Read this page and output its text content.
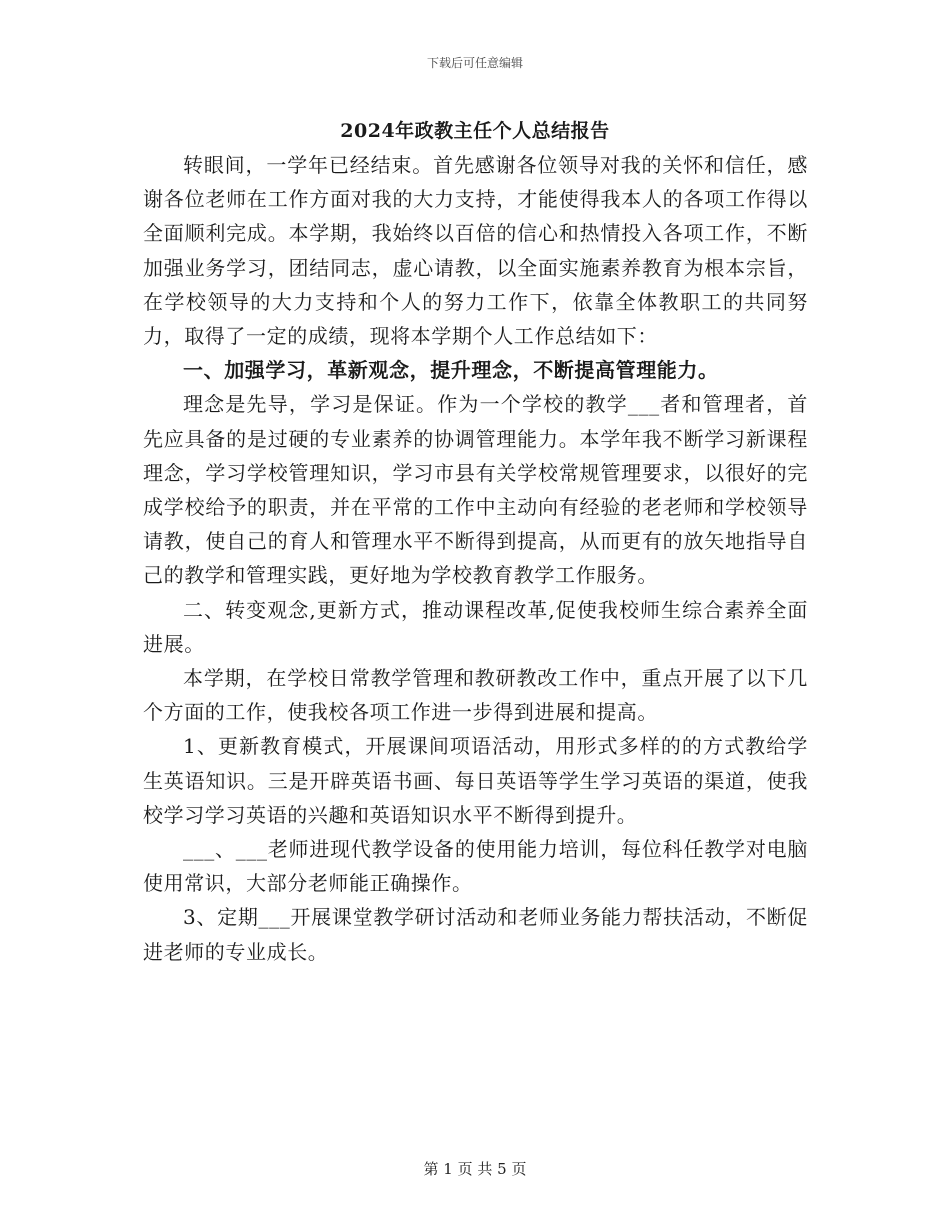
下载后可任意编辑
2024年政教主任个人总结报告

转眼间，一学年已经结束。首先感谢各位领导对我的关怀和信任，感谢各位老师在工作方面对我的大力支持，才能使得我本人的各项工作得以全面顺利完成。本学期，我始终以百倍的信心和热情投入各项工作，不断加强业务学习，团结同志，虚心请教，以全面实施素养教育为根本宗旨，在学校领导的大力支持和个人的努力工作下，依靠全体教职工的共同努力，取得了一定的成绩，现将本学期个人工作总结如下：

一、加强学习，革新观念，提升理念，不断提高管理能力。

理念是先导，学习是保证。作为一个学校的教学___者和管理者，首先应具备的是过硬的专业素养的协调管理能力。本学年我不断学习新课程理念，学习学校管理知识，学习市县有关学校常规管理要求，以很好的完成学校给予的职责，并在平常的工作中主动向有经验的老老师和学校领导请教，使自己的育人和管理水平不断得到提高，从而更有的放矢地指导自己的教学和管理实践，更好地为学校教育教学工作服务。

二、转变观念,更新方式，推动课程改革,促使我校师生综合素养全面进展。

本学期，在学校日常教学管理和教研教改工作中，重点开展了以下几个方面的工作，使我校各项工作进一步得到进展和提高。

1、更新教育模式，开展课间项语活动，用形式多样的的方式教给学生英语知识。三是开辟英语书画、每日英语等学生学习英语的渠道，使我校学习学习英语的兴趣和英语知识水平不断得到提升。

___、___老师进现代教学设备的使用能力培训，每位科任教学对电脑使用常识，大部分老师能正确操作。

3、定期___开展课堂教学研讨活动和老师业务能力帮扶活动，不断促进老师的专业成长。

第 1 页 共 5 页
